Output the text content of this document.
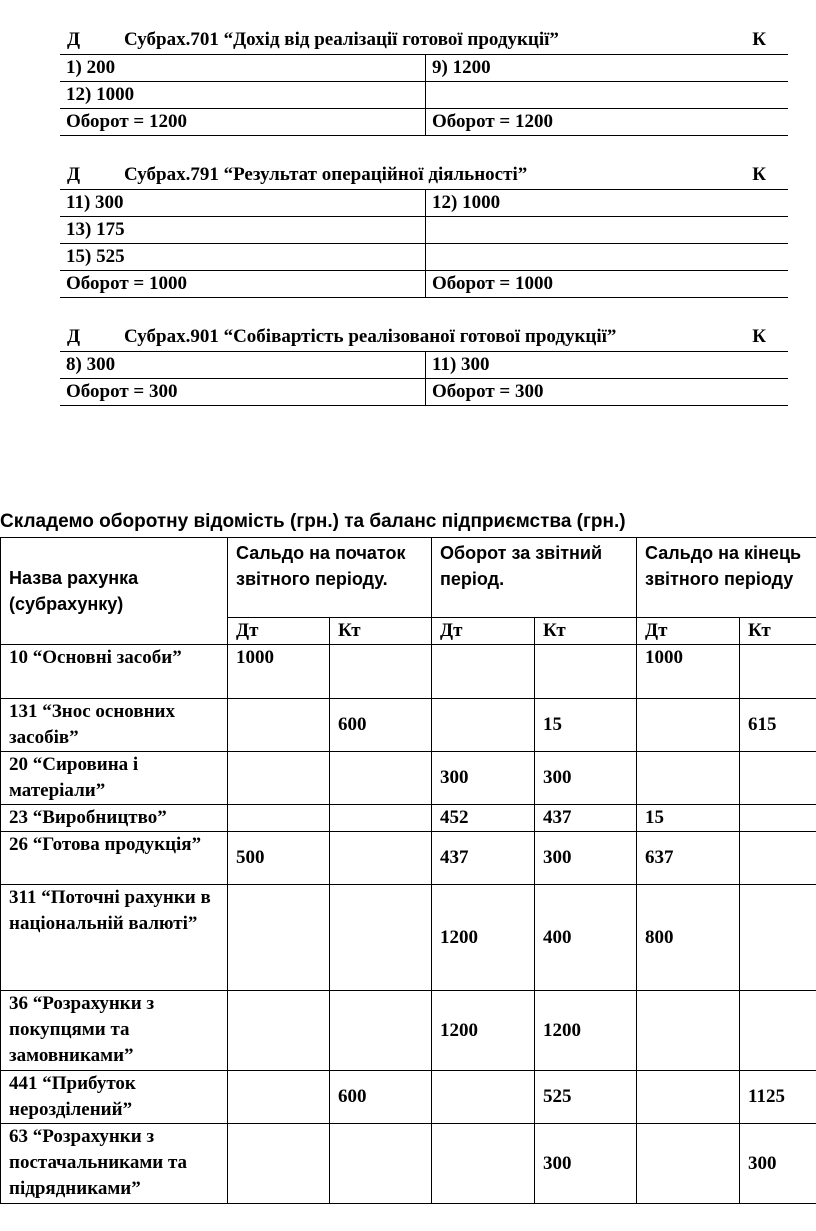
Д Субрах.701 “Дохід від реалізації готової продукції”	К
1) 200	9) 1200
12) 1000	
Оборот = 1200	Оборот = 1200
Д Субрах.791 “Результат операційної діяльності”	К
11) 300	12) 1000
13) 175	
15) 525	
Оборот = 1000	Оборот = 1000
Д Субрах.901 “Собівартість реалізованої готової продукції”	К
8) 300	11) 300
Оборот = 300	Оборот = 300
Складемо оборотну відомість (грн.) та баланс підприємства (грн.)
Назва рахунка (субрахунку)	Сальдо на початок звітного періоду.		Оборот за звітний період.		Сальдо на кінець звітного періоду	
	Дт	Кт	Дт	Кт	Дт	Кт
10 “Основні засоби”	1000				1000	
131 “Знос основних засобів”		600		15		615
20 “Сировина і матеріали”			300	300		
23 “Виробництво”			452	437	15	
26 “Готова продукція”	500		437	300	637	
311 “Поточні рахунки в національній валюті”			1200	400	800	
36 “Розрахунки з покупцями та замовниками”			1200	1200		
441 “Прибуток нерозділений”		600		525		1125
63 “Розрахунки з постачальниками та підрядниками”				300		300
